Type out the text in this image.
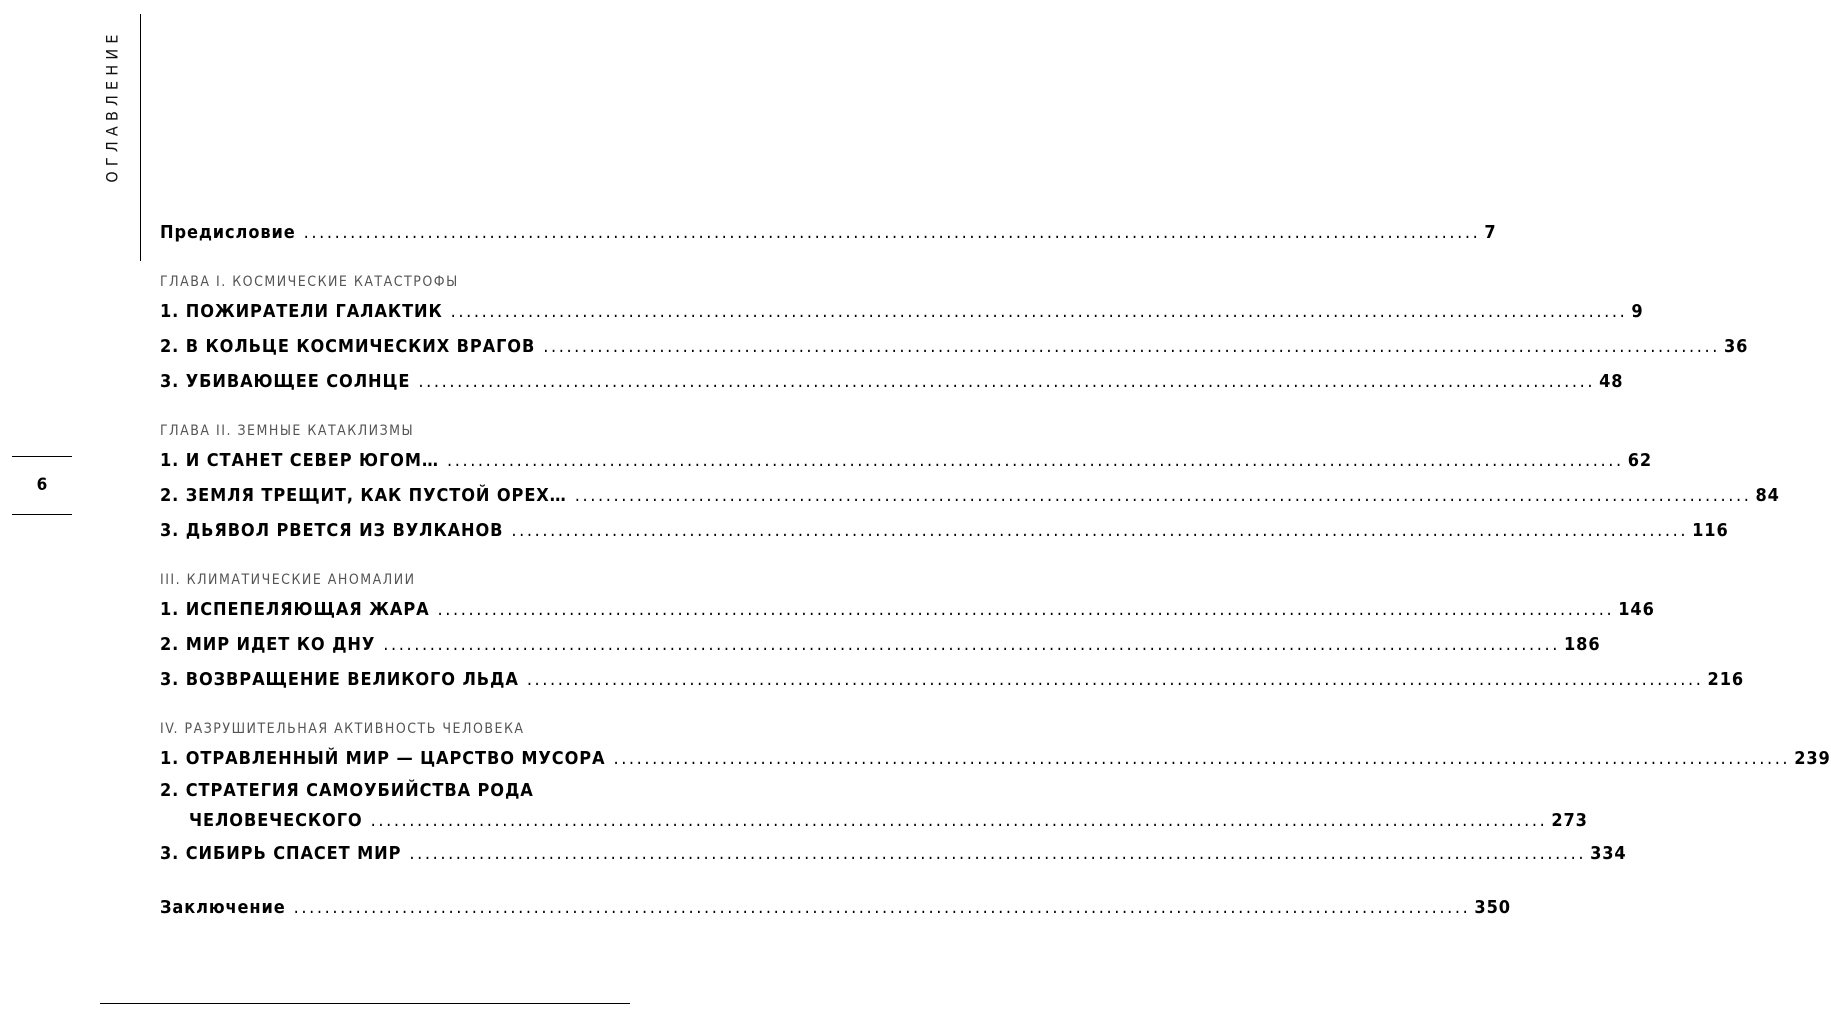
ОГЛАВЛЕНИЕ
6
Предисловие .....	7
ГЛАВА I. КОСМИЧЕСКИЕ КАТАСТРОФЫ
1. ПОЖИРАТЕЛИ ГАЛАКТИК .....	9
2. В КОЛЬЦЕ КОСМИЧЕСКИХ ВРАГОВ .....	36
3. УБИВАЮЩЕЕ СОЛНЦЕ .....	48
ГЛАВА II. ЗЕМНЫЕ КАТАКЛИЗМЫ
1. И СТАНЕТ СЕВЕР ЮГОМ… .....	62
2. ЗЕМЛЯ ТРЕЩИТ, КАК ПУСТОЙ ОРЕХ… .....	84
3. ДЬЯВОЛ РВЕТСЯ ИЗ ВУЛКАНОВ .....	116
III. КЛИМАТИЧЕСКИЕ АНОМАЛИИ
1. ИСПЕПЕЛЯЮЩАЯ ЖАРА .....	146
2. МИР ИДЕТ КО ДНУ .....	186
3. ВОЗВРАЩЕНИЕ ВЕЛИКОГО ЛЬДА .....	216
IV. РАЗРУШИТЕЛЬНАЯ АКТИВНОСТЬ ЧЕЛОВЕКА
1. ОТРАВЛЕННЫЙ МИР — ЦАРСТВО МУСОРА .....	239
2. СТРАТЕГИЯ САМОУБИЙСТВА РОДА
ЧЕЛОВЕЧЕСКОГО .....	273
3. СИБИРЬ СПАСЕТ МИР .....	334
Заключение .....	350
